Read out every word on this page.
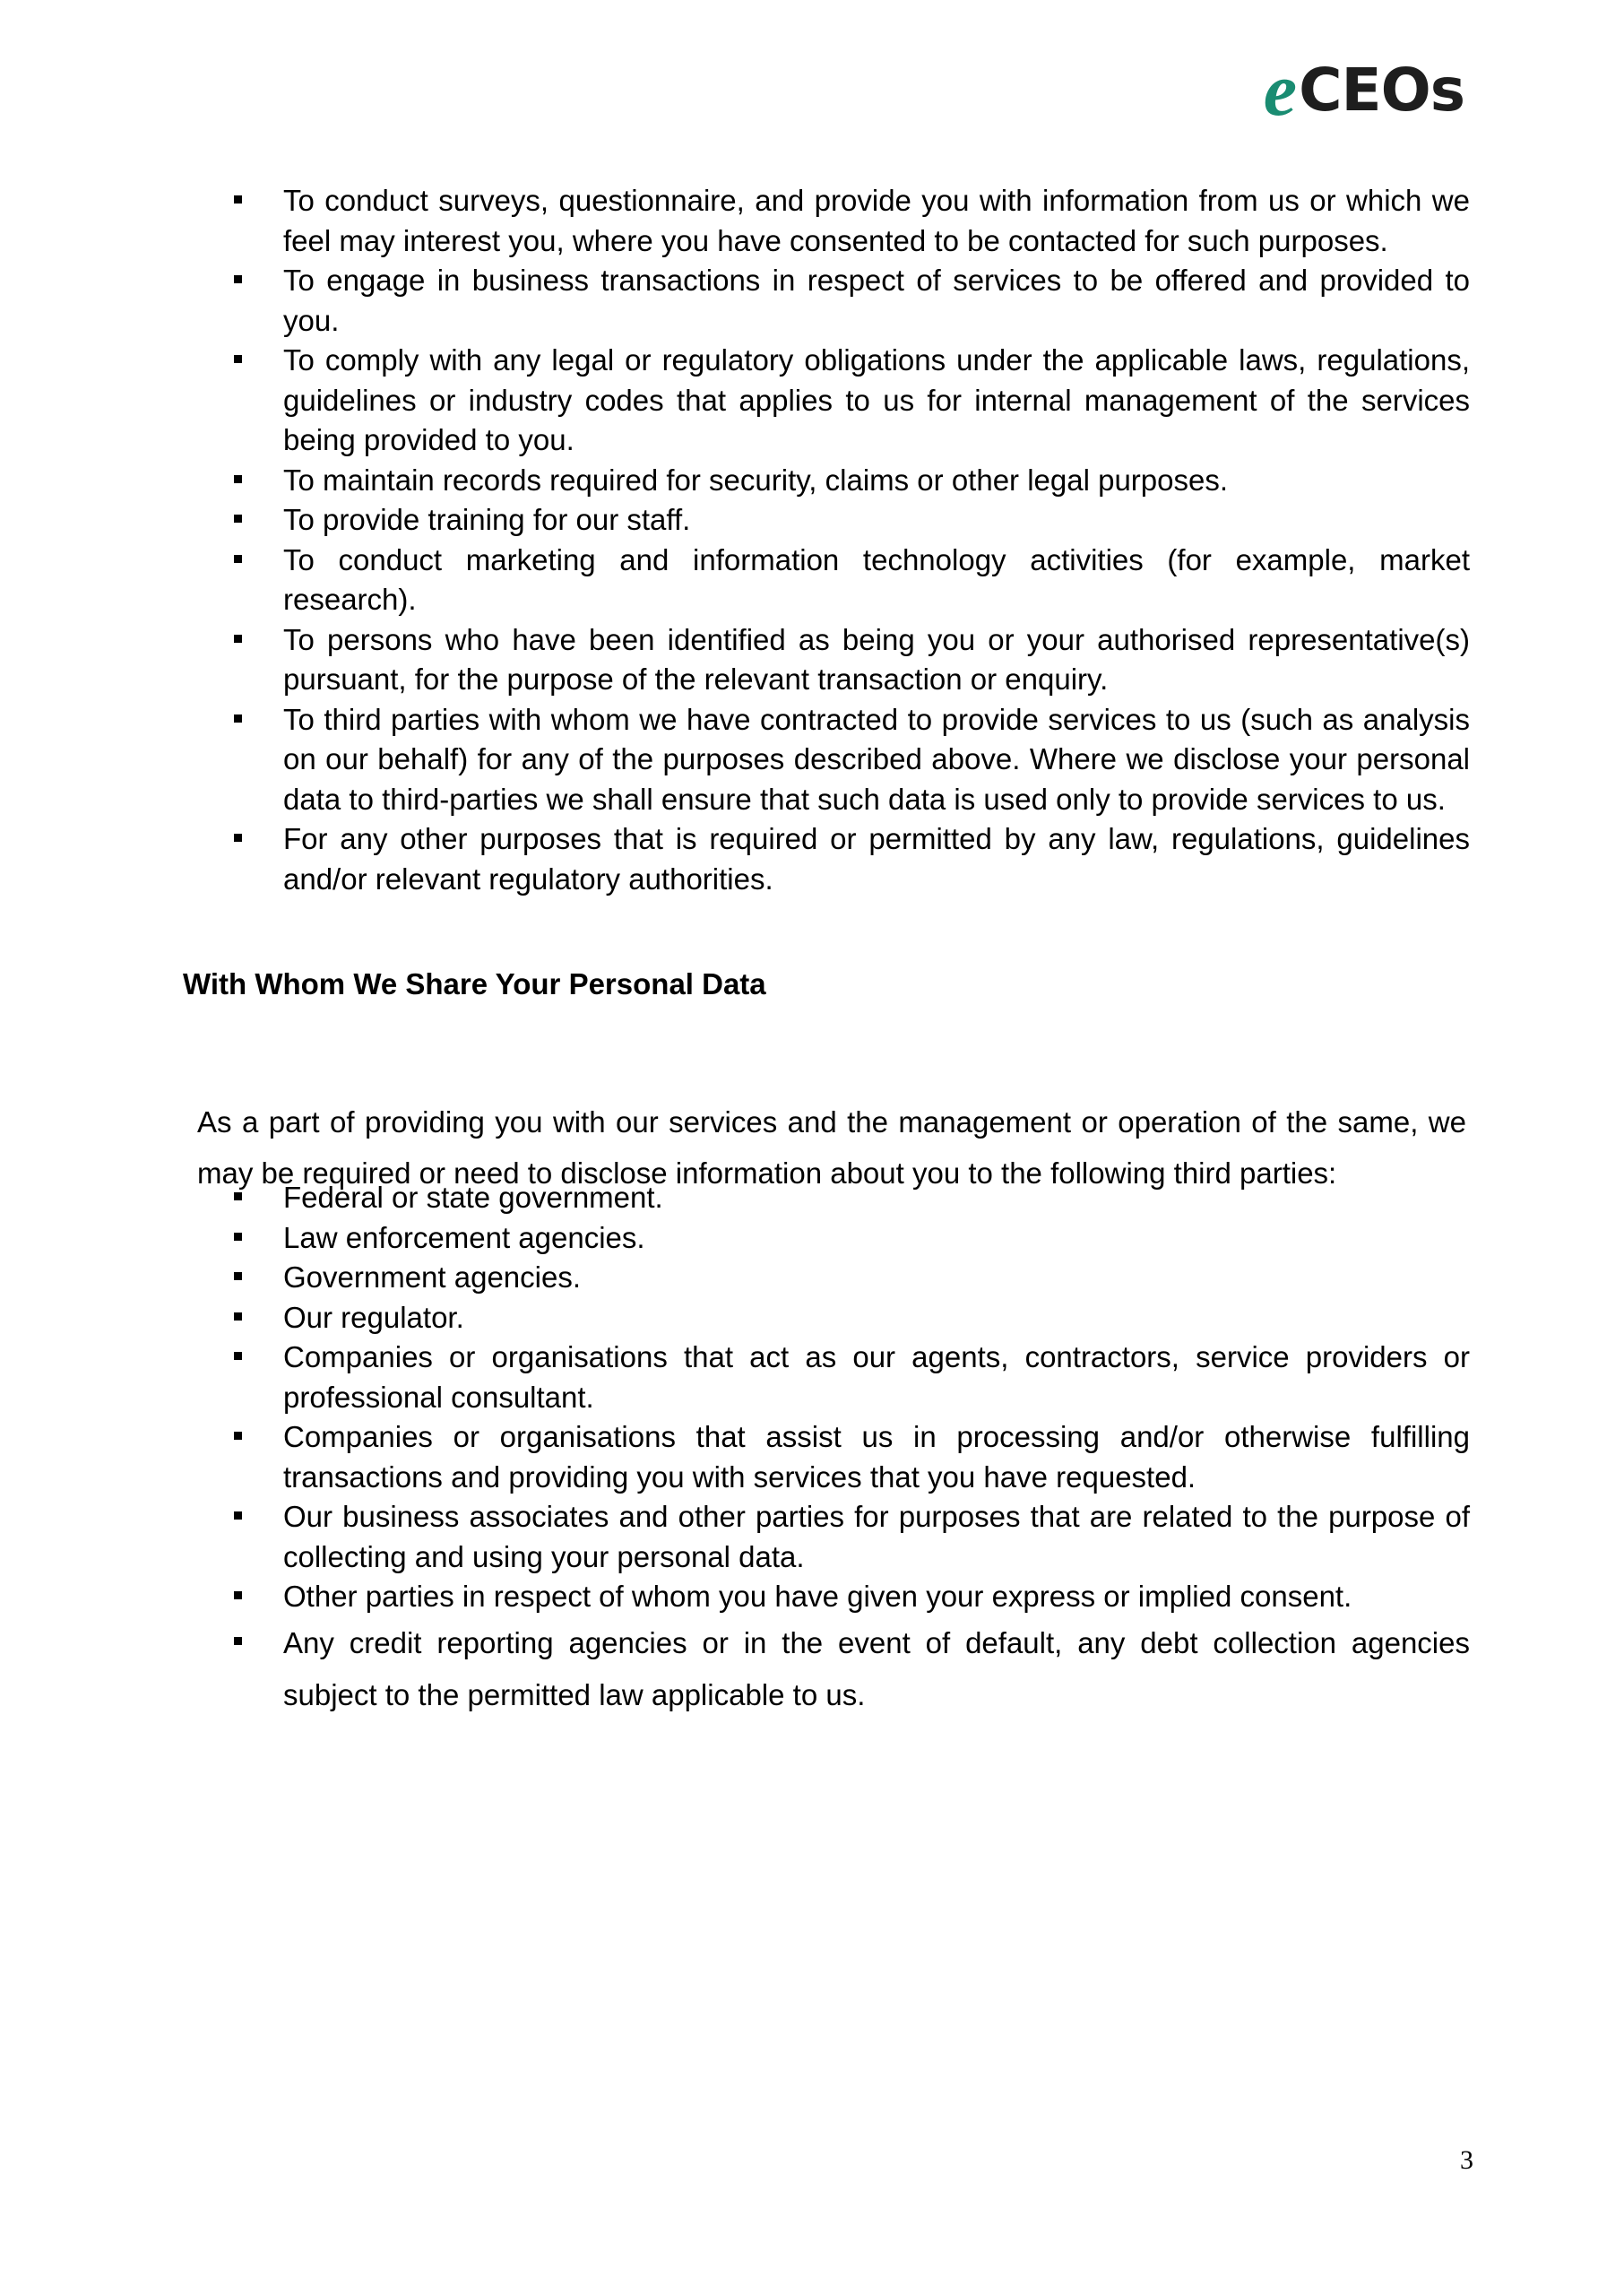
e CEOs
To conduct surveys, questionnaire, and provide you with information from us or which we feel may interest you, where you have consented to be contacted for such purposes.
To engage in business transactions in respect of services to be offered and provided to you.
To comply with any legal or regulatory obligations under the applicable laws, regulations, guidelines or industry codes that applies to us for internal management of the services being provided to you.
To maintain records required for security, claims or other legal purposes.
To provide training for our staff.
To conduct marketing and information technology activities (for example, market research).
To persons who have been identified as being you or your authorised representative(s) pursuant, for the purpose of the relevant transaction or enquiry.
To third parties with whom we have contracted to provide services to us (such as analysis on our behalf) for any of the purposes described above. Where we disclose your personal data to third-parties we shall ensure that such data is used only to provide services to us.
For any other purposes that is required or permitted by any law, regulations, guidelines and/or relevant regulatory authorities.
With Whom We Share Your Personal Data

As a part of providing you with our services and the management or operation of the same, we may be required or need to disclose information about you to the following third parties:

Federal or state government.
Law enforcement agencies.
Government agencies.
Our regulator.
Companies or organisations that act as our agents, contractors, service providers or professional consultant.
Companies or organisations that assist us in processing and/or otherwise fulfilling transactions and providing you with services that you have requested.
Our business associates and other parties for purposes that are related to the purpose of collecting and using your personal data.
Other parties in respect of whom you have given your express or implied consent.
Any credit reporting agencies or in the event of default, any debt collection agencies subject to the permitted law applicable to us.
3
